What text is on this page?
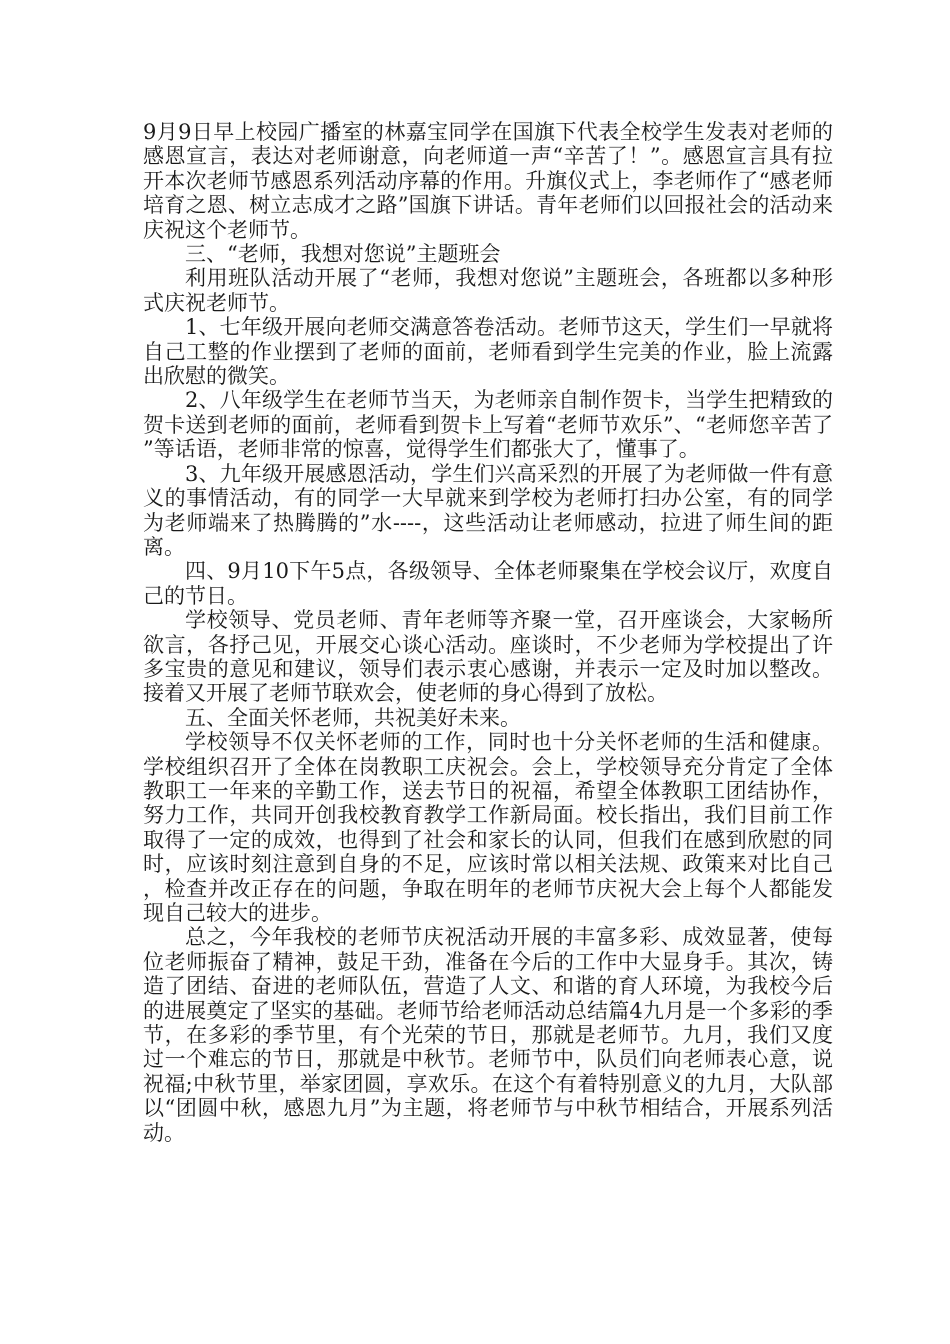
9月9日早上校园广播室的林嘉宝同学在国旗下代表全校学生发表对老师的感恩宣言，表达对老师谢意，向老师道一声“辛苦了！”。感恩宣言具有拉开本次老师节感恩系列活动序幕的作用。升旗仪式上，李老师作了“感老师培育之恩、树立志成才之路”国旗下讲话。青年老师们以回报社会的活动来庆祝这个老师节。

三、“老师，我想对您说”主题班会

利用班队活动开展了“老师，我想对您说”主题班会，各班都以多种形式庆祝老师节。

1、七年级开展向老师交满意答卷活动。老师节这天，学生们一早就将自己工整的作业摆到了老师的面前，老师看到学生完美的作业，脸上流露出欣慰的微笑。

2、八年级学生在老师节当天，为老师亲自制作贺卡，当学生把精致的贺卡送到老师的面前，老师看到贺卡上写着“老师节欢乐”、“老师您辛苦了”等话语，老师非常的惊喜，觉得学生们都张大了，懂事了。

3、九年级开展感恩活动，学生们兴高采烈的开展了为老师做一件有意义的事情活动，有的同学一大早就来到学校为老师打扫办公室，有的同学为老师端来了热腾腾的”水----，这些活动让老师感动，拉进了师生间的距离。

四、9月10下午5点，各级领导、全体老师聚集在学校会议厅，欢度自己的节日。

学校领导、党员老师、青年老师等齐聚一堂，召开座谈会，大家畅所欲言，各抒己见，开展交心谈心活动。座谈时，不少老师为学校提出了许多宝贵的意见和建议，领导们表示衷心感谢，并表示一定及时加以整改。接着又开展了老师节联欢会，使老师的身心得到了放松。

五、全面关怀老师，共祝美好未来。

学校领导不仅关怀老师的工作，同时也十分关怀老师的生活和健康。学校组织召开了全体在岗教职工庆祝会。会上，学校领导充分肯定了全体教职工一年来的辛勤工作，送去节日的祝福，希望全体教职工团结协作，努力工作，共同开创我校教育教学工作新局面。校长指出，我们目前工作取得了一定的成效，也得到了社会和家长的认同，但我们在感到欣慰的同时，应该时刻注意到自身的不足，应该时常以相关法规、政策来对比自己，检查并改正存在的问题，争取在明年的老师节庆祝大会上每个人都能发现自己较大的进步。

总之，今年我校的老师节庆祝活动开展的丰富多彩、成效显著，使每位老师振奋了精神，鼓足干劲，准备在今后的工作中大显身手。其次，铸造了团结、奋进的老师队伍，营造了人文、和谐的育人环境，为我校今后的进展奠定了坚实的基础。老师节给老师活动总结篇4九月是一个多彩的季节，在多彩的季节里，有个光荣的节日，那就是老师节。九月，我们又度过一个难忘的节日，那就是中秋节。老师节中，队员们向老师表心意，说祝福;中秋节里，举家团圆，享欢乐。在这个有着特别意义的九月，大队部以“团圆中秋，感恩九月”为主题，将老师节与中秋节相结合，开展系列活动。
